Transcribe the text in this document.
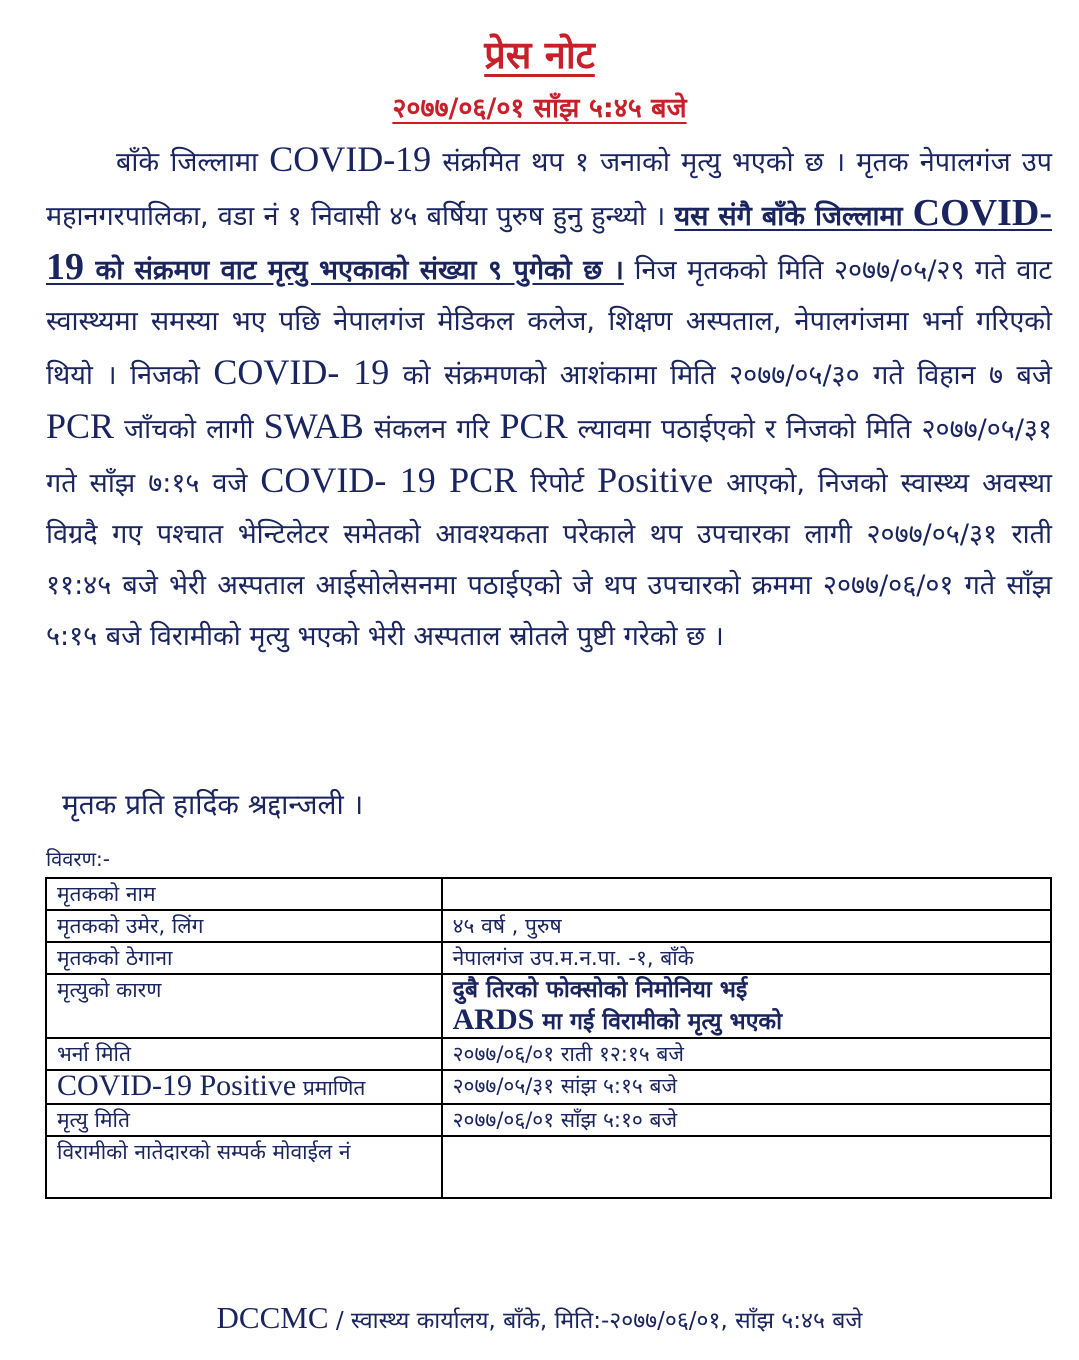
प्रेस नोट
२०७७/०६/०१ साँझ ५:४५ बजे

बाँके जिल्लामा COVID-19 संक्रमित थप १ जनाको मृत्यु भएको छ । मृतक नेपालगंज उप महानगरपालिका, वडा नं १ निवासी ४५ बर्षिया पुरुष हुनु हुन्थ्यो । यस संगै बाँके जिल्लामा COVID- 19 को संक्रमण वाट मृत्यु भएकाको संख्या ९ पुगेको छ । निज मृतकको मिति २०७७/०५/२९ गते वाट स्वास्थ्यमा समस्या भए पछि नेपालगंज मेडिकल कलेज, शिक्षण अस्पताल, नेपालगंजमा भर्ना गरिएको थियो । निजको COVID- 19 को संक्रमणको आशंकामा मिति २०७७/०५/३० गते विहान ७ बजे PCR जाँचको लागी SWAB संकलन गरि PCR ल्यावमा पठाईएको र निजको मिति २०७७/०५/३१ गते साँझ ७:१५ वजे COVID- 19 PCR रिपोर्ट Positive आएको, निजको स्वास्थ्य अवस्था विग्रदै गए पश्चात भेन्टिलेटर समेतको आवश्यकता परेकाले थप उपचारका लागी २०७७/०५/३१ राती ११:४५ बजे भेरी अस्पताल आईसोलेसनमा पठाईएको जे थप उपचारको क्रममा २०७७/०६/०१ गते साँझ ५:१५ बजे विरामीको मृत्यु भएको भेरी अस्पताल स्रोतले पुष्टी गरेको छ ।

मृतक प्रति हार्दिक श्रद्दान्जली ।
विवरण:-
मृतकको नाम	
मृतकको उमेर, लिंग	४५ वर्ष , पुरुष
मृतकको ठेगाना	नेपालगंज उप.म.न.पा. -१, बाँके
मृत्युको कारण	दुबै तिरको फोक्सोको निमोनिया भई
ARDS मा गई विरामीको मृत्यु भएको

भर्ना मिति	२०७७/०६/०१ राती १२:१५ बजे
COVID-19 Positive प्रमाणित	२०७७/०५/३१ सांझ ५:१५ बजे
मृत्यु मिति	२०७७/०६/०१ साँझ ५:१० बजे
विरामीको नातेदारको सम्पर्क मोवाईल नं	
DCCMC / स्वास्थ्य कार्यालय, बाँके, मिति:-२०७७/०६/०१, साँझ ५:४५ बजे
